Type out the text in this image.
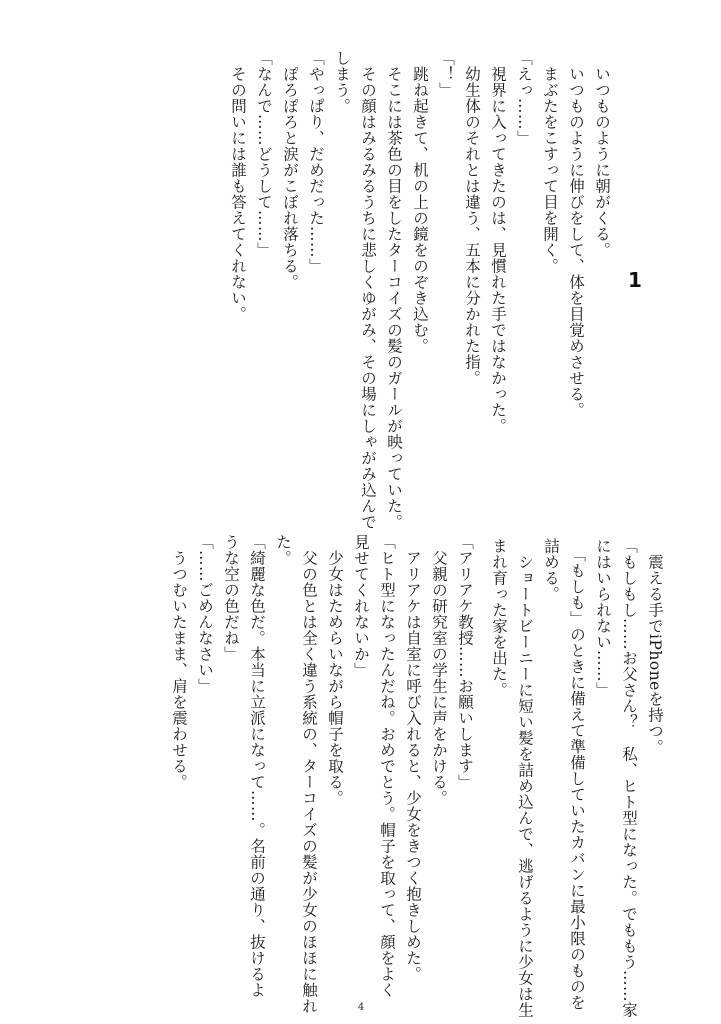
1
　いつものように朝がくる。
　いつものように伸びをして、体を目覚めさせる。
　まぶたをこすって目を開く。
「えっ……」
　視界に入ってきたのは、見慣れた手ではなかった。
　幼生体のそれとは違う、五本に分かれた指。
「！」
　跳ね起きて、机の上の鏡をのぞき込む。
　そこには茶色の目をしたターコイズの髪のガールが映っていた。
　その顔はみるみるうちに悲しくゆがみ、その場にしゃがみ込んで
しまう。
「やっぱり、だめだった……」
　ぽろぽろと涙がこぼれ落ちる。
「なんで……どうして……」
　その問いには誰も答えてくれない。
　震える手でiPhoneを持つ。
「もしもし……お父さん？　私、ヒト型になった。でももう……家
にはいられない……」
　「もしも」のときに備えて準備していたカバンに最小限のものを
詰める。
　ショートビーニーに短い髪を詰め込んで、逃げるように少女は生
まれ育った家を出た。
「アリアケ教授……お願いします」
　父親の研究室の学生に声をかける。
　アリアケは自室に呼び入れると、少女をきつく抱きしめた。
「ヒト型になったんだね。おめでとう。帽子を取って、顔をよく
見せてくれないか」
　少女はためらいながら帽子を取る。
　父の色とは全く違う系統の、ターコイズの髪が少女のほほに触れ
た。
「綺麗な色だ。本当に立派になって……。名前の通り、抜けるよ
うな空の色だね」
「……ごめんなさい」
　うつむいたまま、肩を震わせる。
4
